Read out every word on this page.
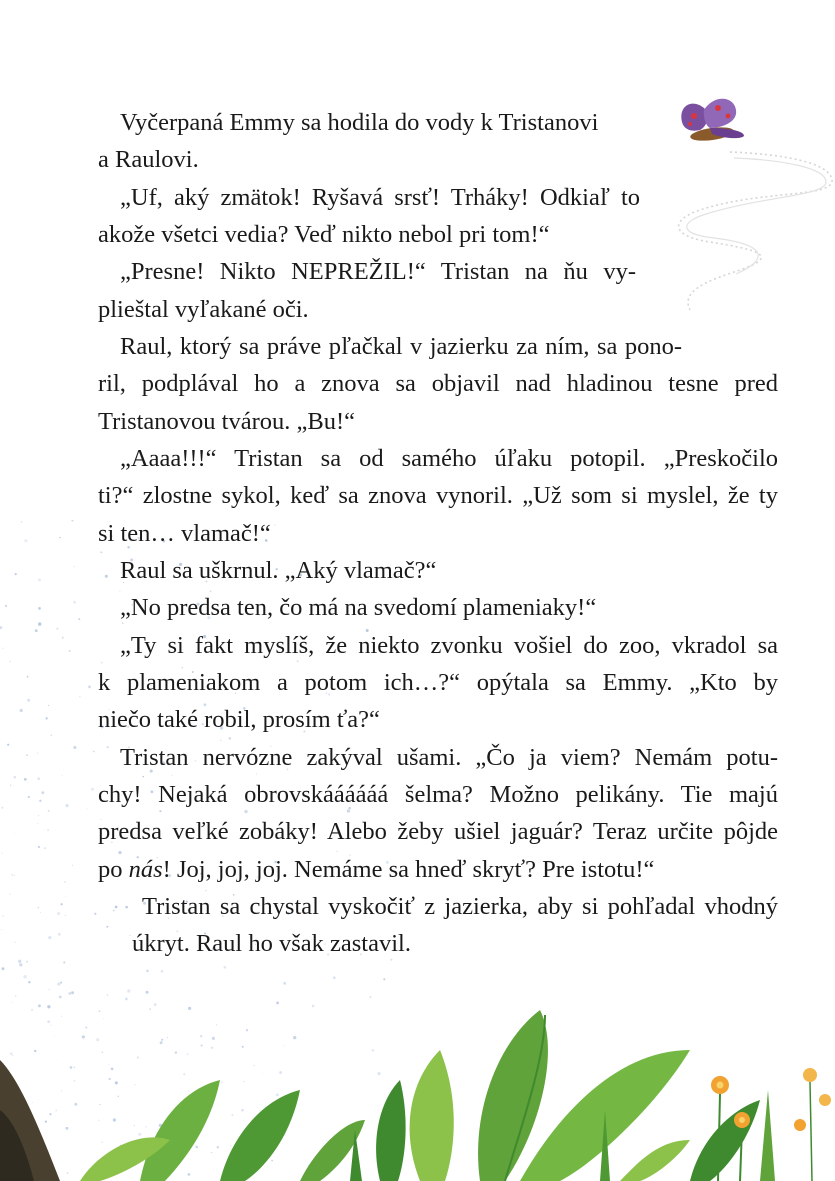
Vyčerpaná Emmy sa hodila do vody k Tristanovi
a Raulovi.
„Uf, aký zmätok! Ryšavá srsť! Trháky! Odkiaľ to
akože všetci vedia? Veď nikto nebol pri tom!“
„Presne! Nikto NEPREŽIL!“ Tristan na ňu vy-
plieštal vyľakané oči.
Raul, ktorý sa práve pľačkal v jazierku za ním, sa pono-
ril, podplával ho a znova sa objavil nad hladinou tesne pred
Tristanovou tvárou. „Bu!“
„Aaaa!!!“ Tristan sa od samého úľaku potopil. „Preskočilo
ti?“ zlostne sykol, keď sa znova vynoril. „Už som si myslel, že ty
si ten… vlamač!“
Raul sa uškrnul. „Aký vlamač?“
„No predsa ten, čo má na svedomí plameniaky!“
„Ty si fakt myslíš, že niekto zvonku vošiel do zoo, vkradol sa
k plameniakom a potom ich…?“ opýtala sa Emmy. „Kto by
niečo také robil, prosím ťa?“
Tristan nervózne zakýval ušami. „Čo ja viem? Nemám potu-
chy! Nejaká obrovskáááááá šelma? Možno pelikány. Tie majú
predsa veľké zobáky! Alebo žeby ušiel jaguár? Teraz určite pôjde
po nás! Joj, joj, joj. Nemáme sa hneď skryť? Pre istotu!“
Tristan sa chystal vyskočiť z jazierka, aby si pohľadal vhodný
úkryt. Raul ho však zastavil.
